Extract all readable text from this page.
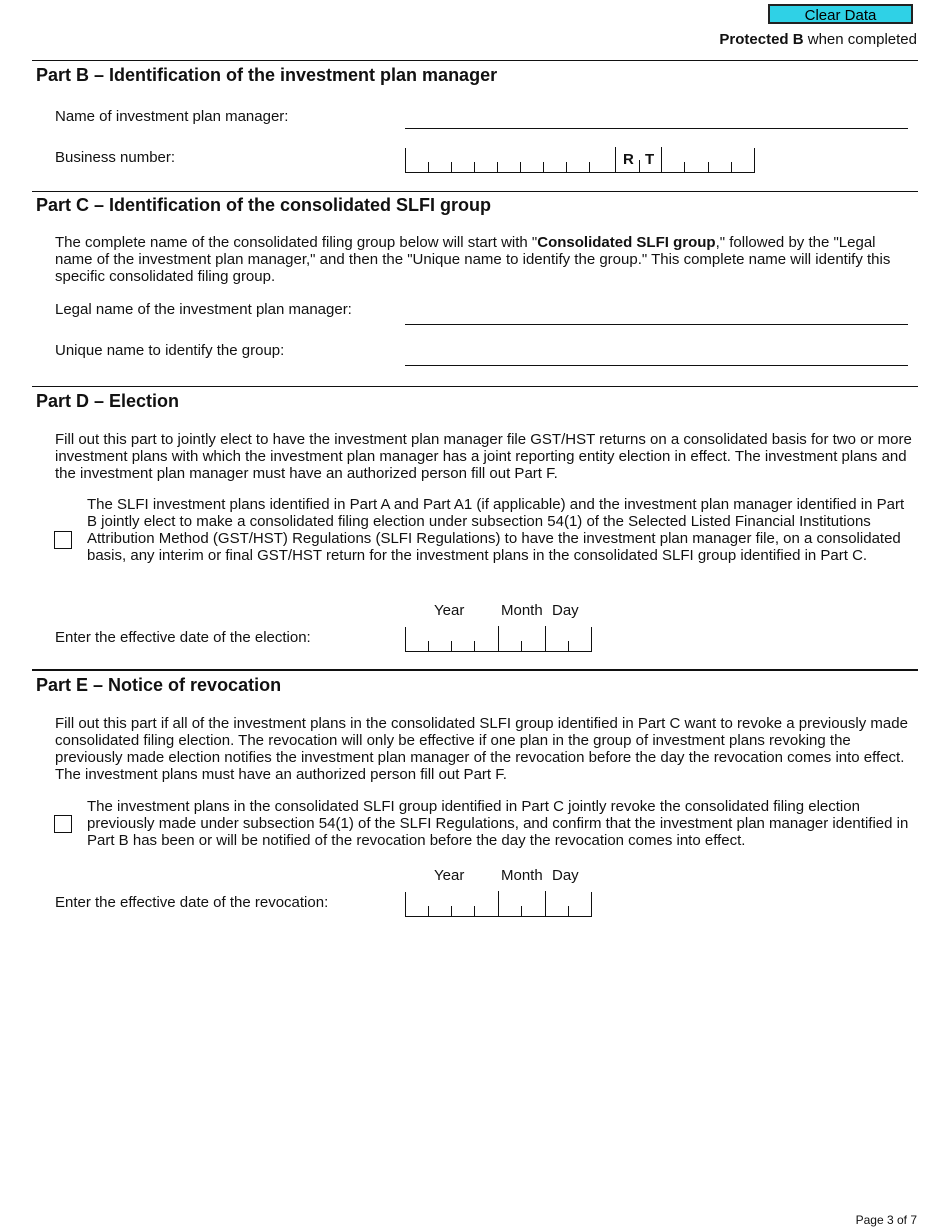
Clear Data
Protected B when completed
Part B – Identification of the investment plan manager
Name of investment plan manager:
Business number:	R T
Part C – Identification of the consolidated SLFI group
The complete name of the consolidated filing group below will start with "Consolidated SLFI group," followed by the "Legal name of the investment plan manager," and then the "Unique name to identify the group." This complete name will identify this specific consolidated filing group.
Legal name of the investment plan manager:
Unique name to identify the group:
Part D – Election
Fill out this part to jointly elect to have the investment plan manager file GST/HST returns on a consolidated basis for two or more investment plans with which the investment plan manager has a joint reporting entity election in effect. The investment plans and the investment plan manager must have an authorized person fill out Part F.
The SLFI investment plans identified in Part A and Part A1 (if applicable) and the investment plan manager identified in Part B jointly elect to make a consolidated filing election under subsection 54(1) of the Selected Listed Financial Institutions Attribution Method (GST/HST) Regulations (SLFI Regulations) to have the investment plan manager file, on a consolidated basis, any interim or final GST/HST return for the investment plans in the consolidated SLFI group identified in Part C.
Year Month Day
Enter the effective date of the election:
Part E – Notice of revocation
Fill out this part if all of the investment plans in the consolidated SLFI group identified in Part C want to revoke a previously made consolidated filing election. The revocation will only be effective if one plan in the group of investment plans revoking the previously made election notifies the investment plan manager of the revocation before the day the revocation comes into effect. The investment plans must have an authorized person fill out Part F.
The investment plans in the consolidated SLFI group identified in Part C jointly revoke the consolidated filing election previously made under subsection 54(1) of the SLFI Regulations, and confirm that the investment plan manager identified in Part B has been or will be notified of the revocation before the day the revocation comes into effect.
Year Month Day
Enter the effective date of the revocation:
Page 3 of 7
